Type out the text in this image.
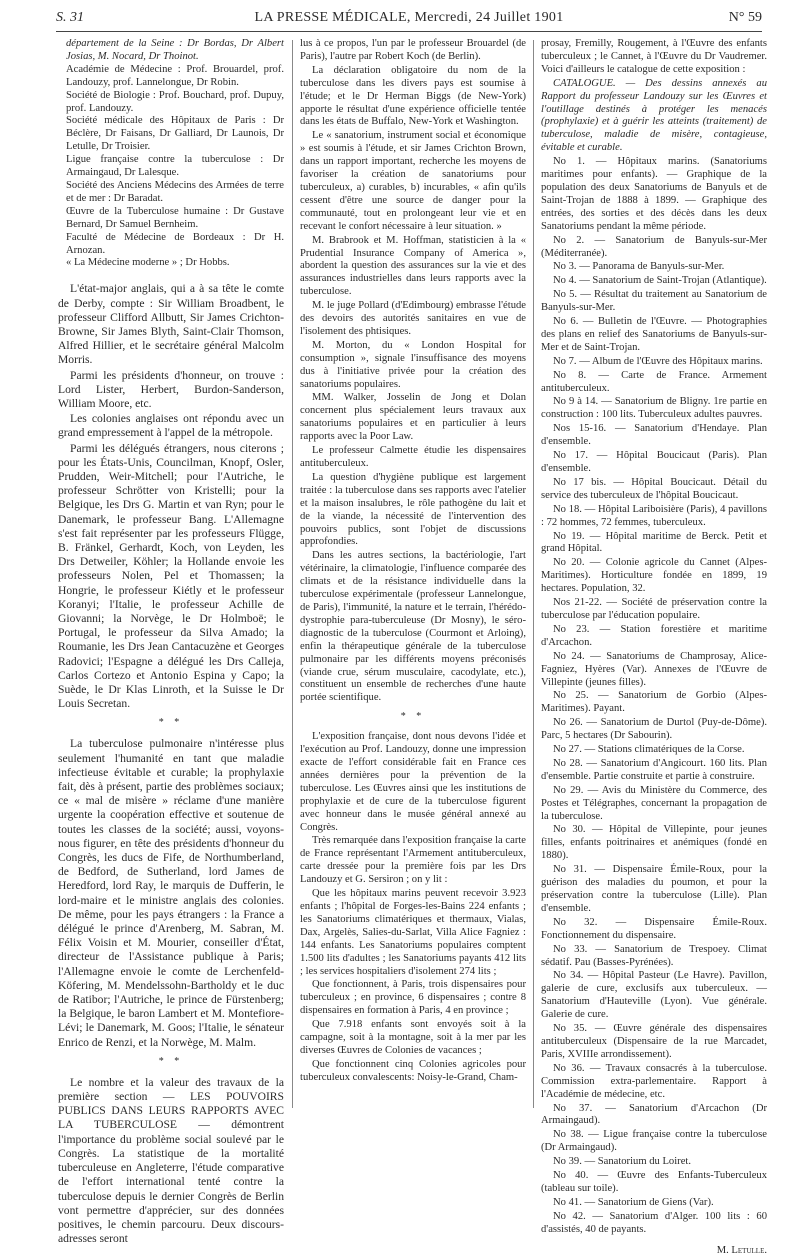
S. 31	LA PRESSE MÉDICALE, Mercredi, 24 Juillet 1901	N° 59

département de la Seine : Dr Bordas, Dr Albert Josias, M. Nocard, Dr Thoinot.

Académie de Médecine : Prof. Brouardel, prof. Landouzy, prof. Lannelongue, Dr Robin.

Société de Biologie : Prof. Bouchard, prof. Dupuy, prof. Landouzy.

Société médicale des Hôpitaux de Paris : Dr Béclère, Dr Faisans, Dr Galliard, Dr Launois, Dr Letulle, Dr Troisier.

Ligue française contre la tuberculose : Dr Armaingaud, Dr Lalesque.

Société des Anciens Médecins des Armées de terre et de mer : Dr Baradat.

Œuvre de la Tuberculose humaine : Dr Gustave Bernard, Dr Samuel Bernheim.

Faculté de Médecine de Bordeaux : Dr H. Arnozan.

« La Médecine moderne » ; Dr Hobbs.

L'état-major anglais, qui a à sa tête le comte de Derby, compte : Sir William Broadbent, le professeur Clifford Allbutt, Sir James Crichton-Browne, Sir James Blyth, Saint-Clair Thomson, Alfred Hillier, et le secrétaire général Malcolm Morris.

Parmi les présidents d'honneur, on trouve : Lord Lister, Herbert, Burdon-Sanderson, William Moore, etc.

Les colonies anglaises ont répondu avec un grand empressement à l'appel de la métropole.

Parmi les délégués étrangers, nous citerons ; pour les États-Unis, Councilman, Knopf, Osler, Prudden, Weir-Mitchell; pour l'Autriche, le professeur Schrötter von Kristelli; pour la Belgique, les Drs G. Martin et van Ryn; pour le Danemark, le professeur Bang. L'Allemagne s'est fait représenter par les professeurs Flügge, B. Fränkel, Gerhardt, Koch, von Leyden, les Drs Detweiler, Köhler; la Hollande envoie les professeurs Nolen, Pel et Thomassen; la Hongrie, le professeur Kiétly et le professeur Koranyi; l'Italie, le professeur Achille de Giovanni; la Norvège, le Dr Holmboë; le Portugal, le professeur da Silva Amado; la Roumanie, les Drs Jean Cantacuzène et Georges Radovici; l'Espagne a délégué les Drs Calleja, Carlos Cortezo et Antonio Espina y Capo; la Suède, le Dr Klas Linroth, et la Suisse le Dr Louis Secretan.

* *

La tuberculose pulmonaire n'intéresse plus seulement l'humanité en tant que maladie infectieuse évitable et curable; la prophylaxie fait, dès à présent, partie des problèmes sociaux; ce « mal de misère » réclame d'une manière urgente la coopération effective et soutenue de toutes les classes de la société; aussi, voyons-nous figurer, en tête des présidents d'honneur du Congrès, les ducs de Fife, de Northumberland, de Bedford, de Sutherland, lord James de Heredford, lord Ray, le marquis de Dufferin, le lord-maire et le ministre anglais des colonies. De même, pour les pays étrangers : la France a délégué le prince d'Arenberg, M. Sabran, M. Félix Voisin et M. Mourier, conseiller d'État, directeur de l'Assistance publique à Paris; l'Allemagne envoie le comte de Lerchenfeld-Köfering, M. Mendelssohn-Bartholdy et le duc de Ratibor; l'Autriche, le prince de Fürstenberg; la Belgique, le baron Lambert et M. Montefiore-Lévi; le Danemark, M. Goos; l'Italie, le sénateur Enrico de Renzi, et la Norwège, M. Malm.

* *

Le nombre et la valeur des travaux de la première section — LES POUVOIRS PUBLICS DANS LEURS RAPPORTS AVEC LA TUBERCULOSE — démontrent l'importance du problème social soulevé par le Congrès. La statistique de la mortalité tuberculeuse en Angleterre, l'étude comparative de l'effort international tenté contre la tuberculose depuis le dernier Congrès de Berlin vont permettre d'apprécier, sur des données positives, le chemin parcouru. Deux discours-adresses seront

lus à ce propos, l'un par le professeur Brouardel (de Paris), l'autre par Robert Koch (de Berlin).

La déclaration obligatoire du nom de la tuberculose dans les divers pays est soumise à l'étude; et le Dr Herman Biggs (de New-York) apporte le résultat d'une expérience officielle tentée dans les états de Buffalo, New-York et Washington.

Le « sanatorium, instrument social et économique » est soumis à l'étude, et sir James Crichton Brown, dans un rapport important, recherche les moyens de favoriser la création de sanatoriums pour tuberculeux, a) curables, b) incurables, « afin qu'ils cessent d'être une source de danger pour la communauté, tout en prolongeant leur vie et en recevant le confort nécessaire à leur situation. »

M. Brabrook et M. Hoffman, statisticien à la « Prudential Insurance Company of America », abordent la question des assurances sur la vie et des assurances industrielles dans leurs rapports avec la tuberculose.

M. le juge Pollard (d'Edimbourg) embrasse l'étude des devoirs des autorités sanitaires en vue de l'isolement des phtisiques.

M. Morton, du « London Hospital for consumption », signale l'insuffisance des moyens dus à l'initiative privée pour la création des sanatoriums populaires.

MM. Walker, Josselin de Jong et Dolan concernent plus spécialement leurs travaux aux sanatoriums populaires et en particulier à leurs rapports avec la Poor Law.

Le professeur Calmette étudie les dispensaires antituberculeux.

La question d'hygiène publique est largement traitée : la tuberculose dans ses rapports avec l'atelier et la maison insalubres, le rôle pathogène du lait et de la viande, la nécessité de l'intervention des pouvoirs publics, sont l'objet de discussions approfondies.

Dans les autres sections, la bactériologie, l'art vétérinaire, la climatologie, l'influence comparée des climats et de la résistance individuelle dans la tuberculose expérimentale (professeur Lannelongue, de Paris), l'immunité, la nature et le terrain, l'hérédo-dystrophie para-tuberculeuse (Dr Mosny), le séro-diagnostic de la tuberculose (Courmont et Arloing), enfin la thérapeutique générale de la tuberculose pulmonaire par les différents moyens préconisés (viande crue, sérum musculaire, cacodylate, etc.), constituent un ensemble de recherches d'une haute portée scientifique.

* *

L'exposition française, dont nous devons l'idée et l'exécution au Prof. Landouzy, donne une impression exacte de l'effort considérable fait en France ces années dernières pour la prévention de la tuberculose. Les Œuvres ainsi que les institutions de prophylaxie et de cure de la tuberculose figurent avec honneur dans le musée général annexé au Congrès.

Très remarquée dans l'exposition française la carte de France représentant l'Armement antituberculeux, carte dressée pour la première fois par les Drs Landouzy et G. Sersiron ; on y lit :

Que les hôpitaux marins peuvent recevoir 3.923 enfants ; l'hôpital de Forges-les-Bains 224 enfants ; les Sanatoriums climatériques et thermaux, Vialas, Dax, Argelès, Salies-du-Sarlat, Villa Alice Fagniez : 144 enfants. Les Sanatoriums populaires comptent 1.500 lits d'adultes ; les Sanatoriums payants 412 lits ; les services hospitaliers d'isolement 274 lits ;

Que fonctionnent, à Paris, trois dispensaires pour tuberculeux ; en province, 6 dispensaires ; contre 8 dispensaires en formation à Paris, 4 en province ;

Que 7.918 enfants sont envoyés soit à la campagne, soit à la montagne, soit à la mer par les diverses Œuvres de Colonies de vacances ;

Que fonctionnent cinq Colonies agricoles pour tuberculeux convalescents: Noisy-le-Grand, Cham-

prosay, Fremilly, Rougement, à l'Œuvre des enfants tuberculeux ; le Cannet, à l'Œuvre du Dr Vaudremer. Voici d'ailleurs le catalogue de cette exposition :

CATALOGUE. — Des dessins annexés au Rapport du professeur Landouzy sur les Œuvres et l'outillage destinés à protéger les menacés (prophylaxie) et à guérir les atteints (traitement) de tuberculose, maladie de misère, contagieuse, évitable et curable.

No 1. — Hôpitaux marins. (Sanatoriums maritimes pour enfants). — Graphique de la population des deux Sanatoriums de Banyuls et de Saint-Trojan de 1888 à 1899. — Graphique des entrées, des sorties et des décès dans les deux Sanatoriums pendant la même période.

No 2. — Sanatorium de Banyuls-sur-Mer (Méditerranée).

No 3. — Panorama de Banyuls-sur-Mer.

No 4. — Sanatorium de Saint-Trojan (Atlantique).

No 5. — Résultat du traitement au Sanatorium de Banyuls-sur-Mer.

No 6. — Bulletin de l'Œuvre. — Photographies des plans en relief des Sanatoriums de Banyuls-sur-Mer et de Saint-Trojan.

No 7. — Album de l'Œuvre des Hôpitaux marins.

No 8. — Carte de France. Armement antituberculeux.

No 9 à 14. — Sanatorium de Bligny. 1re partie en construction : 100 lits. Tuberculeux adultes pauvres.

Nos 15-16. — Sanatorium d'Hendaye. Plan d'ensemble.

No 17. — Hôpital Boucicaut (Paris). Plan d'ensemble.

No 17 bis. — Hôpital Boucicaut. Détail du service des tuberculeux de l'hôpital Boucicaut.

No 18. — Hôpital Lariboisière (Paris), 4 pavillons : 72 hommes, 72 femmes, tuberculeux.

No 19. — Hôpital maritime de Berck. Petit et grand Hôpital.

No 20. — Colonie agricole du Cannet (Alpes-Maritimes). Horticulture fondée en 1899, 19 hectares. Population, 32.

Nos 21-22. — Société de préservation contre la tuberculose par l'éducation populaire.

No 23. — Station forestière et maritime d'Arcachon.

No 24. — Sanatoriums de Champrosay, Alice-Fagniez, Hyères (Var). Annexes de l'Œuvre de Villepinte (jeunes filles).

No 25. — Sanatorium de Gorbio (Alpes-Maritimes). Payant.

No 26. — Sanatorium de Durtol (Puy-de-Dôme). Parc, 5 hectares (Dr Sabourin).

No 27. — Stations climatériques de la Corse.

No 28. — Sanatorium d'Angicourt. 160 lits. Plan d'ensemble. Partie construite et partie à construire.

No 29. — Avis du Ministère du Commerce, des Postes et Télégraphes, concernant la propagation de la tuberculose.

No 30. — Hôpital de Villepinte, pour jeunes filles, enfants poitrinaires et anémiques (fondé en 1880).

No 31. — Dispensaire Émile-Roux, pour la guérison des maladies du poumon, et pour la préservation contre la tuberculose (Lille). Plan d'ensemble.

No 32. — Dispensaire Émile-Roux. Fonctionnement du dispensaire.

No 33. — Sanatorium de Trespoey. Climat sédatif. Pau (Basses-Pyrénées).

No 34. — Hôpital Pasteur (Le Havre). Pavillon, galerie de cure, exclusifs aux tuberculeux. — Sanatorium d'Hauteville (Lyon). Vue générale. Galerie de cure.

No 35. — Œuvre générale des dispensaires antituberculeux (Dispensaire de la rue Marcadet, Paris, XVIIIe arrondissement).

No 36. — Travaux consacrés à la tuberculose. Commission extra-parlementaire. Rapport à l'Académie de médecine, etc.

No 37. — Sanatorium d'Arcachon (Dr Armaingaud).

No 38. — Ligue française contre la tuberculose (Dr Armaingaud).

No 39. — Sanatorium du Loiret.

No 40. — Œuvre des Enfants-Tuberculeux (tableau sur toile).

No 41. — Sanatorium de Giens (Var).

No 42. — Sanatorium d'Alger. 100 lits : 60 d'assistés, 40 de payants.

M. Letulle.
